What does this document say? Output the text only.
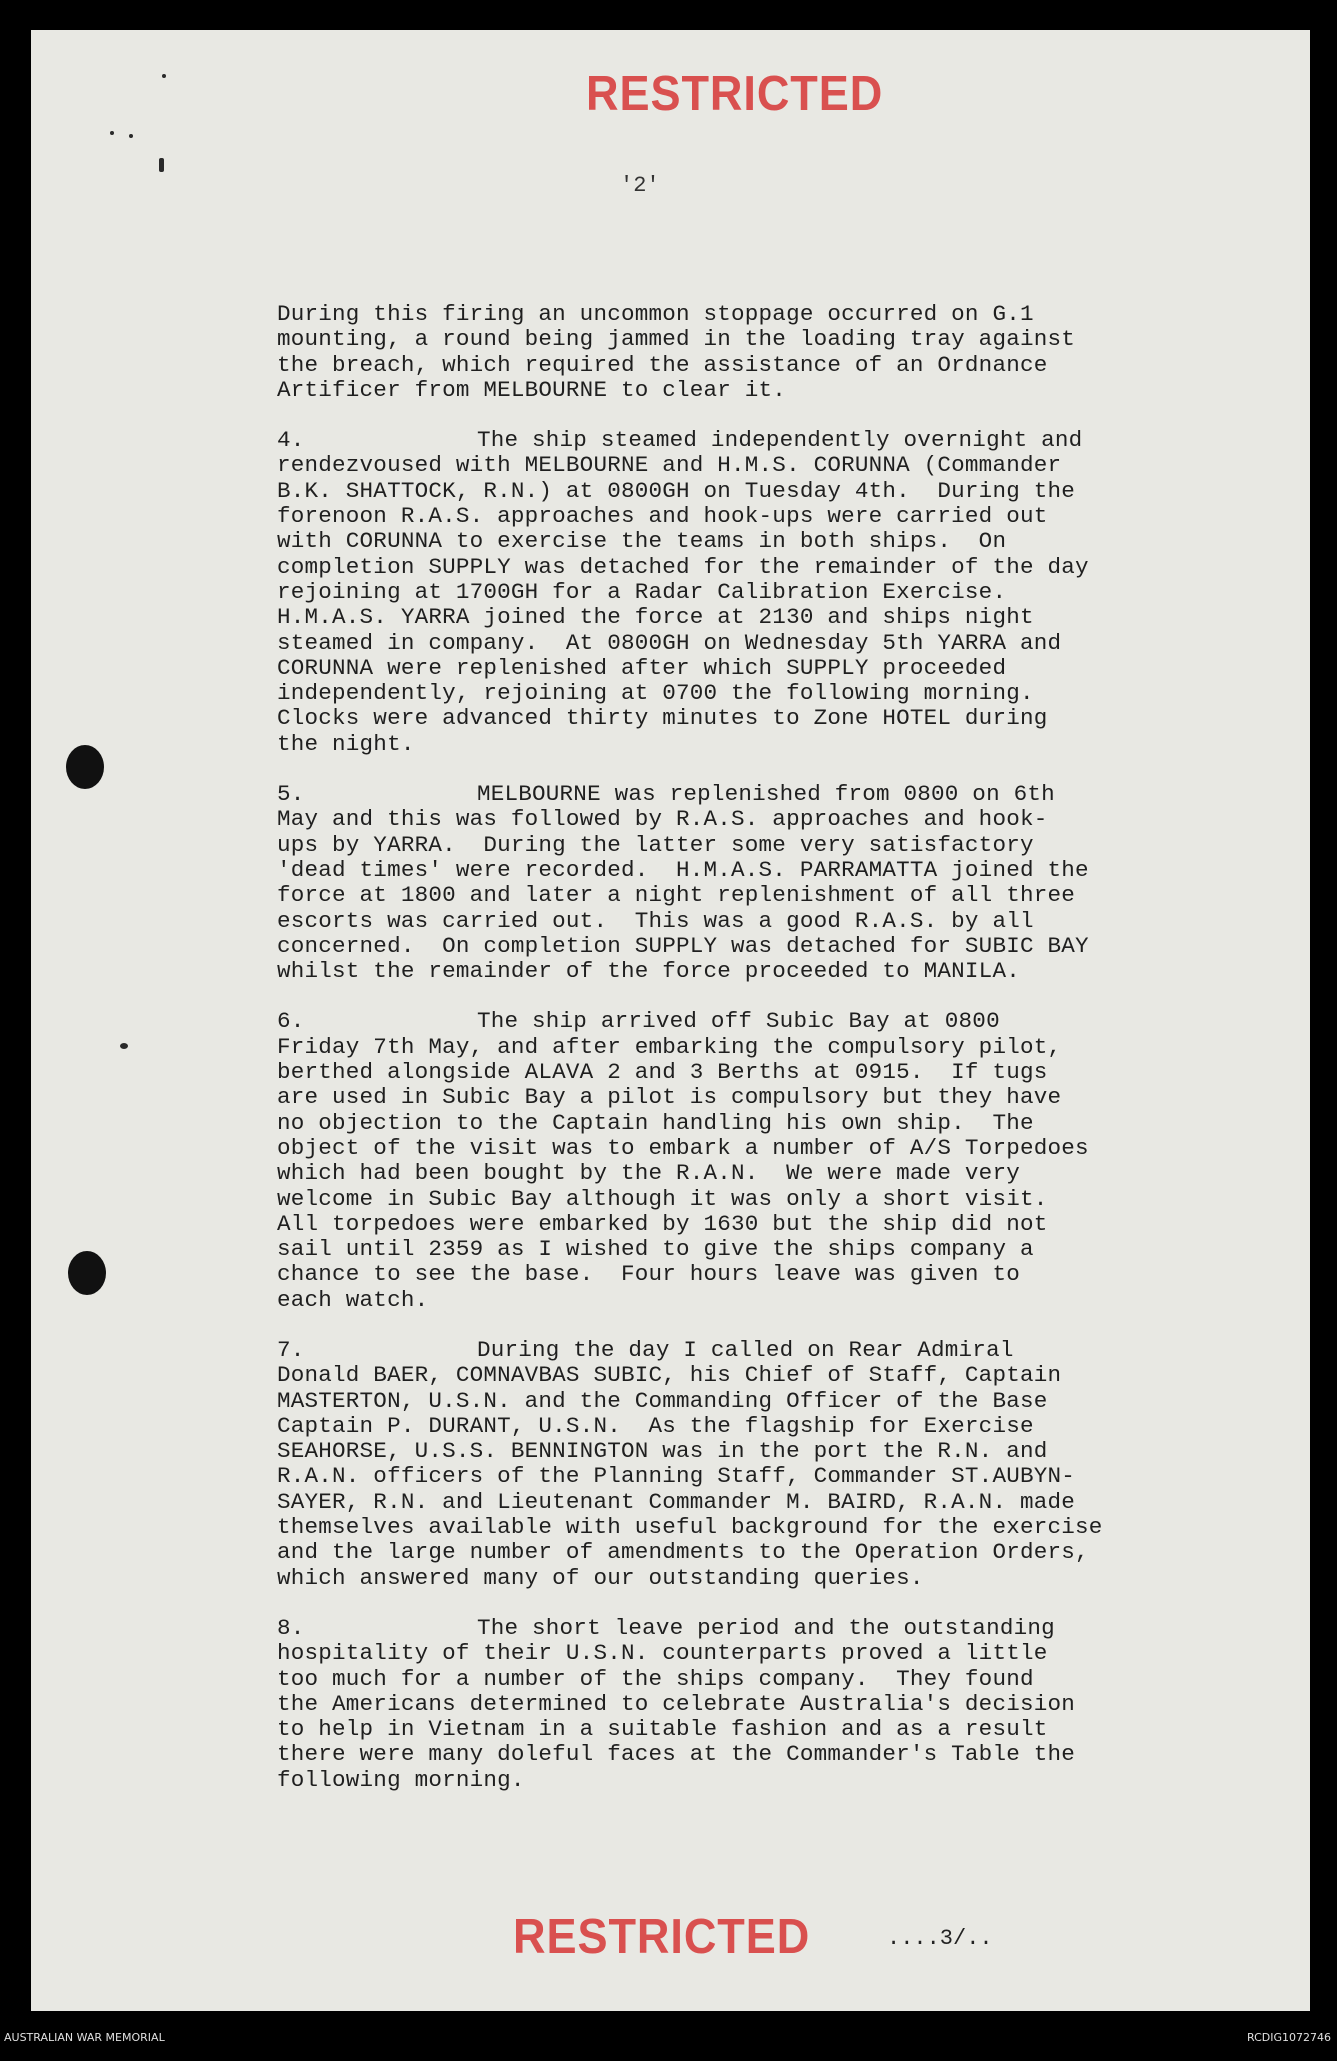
RESTRICTED
'2'
During this firing an uncommon stoppage occurred on G.1
mounting, a round being jammed in the loading tray against
the breach, which required the assistance of an Ordnance
Artificer from MELBOURNE to clear it.
4.	The ship steamed independently overnight and
rendezvoused with MELBOURNE and H.M.S. CORUNNA (Commander
B.K. SHATTOCK, R.N.) at 0800GH on Tuesday 4th.  During the
forenoon R.A.S. approaches and hook-ups were carried out
with CORUNNA to exercise the teams in both ships.  On
completion SUPPLY was detached for the remainder of the day
rejoining at 1700GH for a Radar Calibration Exercise.
H.M.A.S. YARRA joined the force at 2130 and ships night
steamed in company.  At 0800GH on Wednesday 5th YARRA and
CORUNNA were replenished after which SUPPLY proceeded
independently, rejoining at 0700 the following morning.
Clocks were advanced thirty minutes to Zone HOTEL during
the night.
5.	MELBOURNE was replenished from 0800 on 6th
May and this was followed by R.A.S. approaches and hook-
ups by YARRA.  During the latter some very satisfactory
'dead times' were recorded.  H.M.A.S. PARRAMATTA joined the
force at 1800 and later a night replenishment of all three
escorts was carried out.  This was a good R.A.S. by all
concerned.  On completion SUPPLY was detached for SUBIC BAY
whilst the remainder of the force proceeded to MANILA.
6.	The ship arrived off Subic Bay at 0800
Friday 7th May, and after embarking the compulsory pilot,
berthed alongside ALAVA 2 and 3 Berths at 0915.  If tugs
are used in Subic Bay a pilot is compulsory but they have
no objection to the Captain handling his own ship.  The
object of the visit was to embark a number of A/S Torpedoes
which had been bought by the R.A.N.  We were made very
welcome in Subic Bay although it was only a short visit.
All torpedoes were embarked by 1630 but the ship did not
sail until 2359 as I wished to give the ships company a
chance to see the base.  Four hours leave was given to
each watch.
7.	During the day I called on Rear Admiral
Donald BAER, COMNAVBAS SUBIC, his Chief of Staff, Captain
MASTERTON, U.S.N. and the Commanding Officer of the Base
Captain P. DURANT, U.S.N.  As the flagship for Exercise
SEAHORSE, U.S.S. BENNINGTON was in the port the R.N. and
R.A.N. officers of the Planning Staff, Commander ST.AUBYN-
SAYER, R.N. and Lieutenant Commander M. BAIRD, R.A.N. made
themselves available with useful background for the exercise
and the large number of amendments to the Operation Orders,
which answered many of our outstanding queries.
8.	The short leave period and the outstanding
hospitality of their U.S.N. counterparts proved a little
too much for a number of the ships company.  They found
the Americans determined to celebrate Australia's decision
to help in Vietnam in a suitable fashion and as a result
there were many doleful faces at the Commander's Table the
following morning.
RESTRICTED	....3/..
AUSTRALIAN WAR MEMORIAL	RCDIG1072746
